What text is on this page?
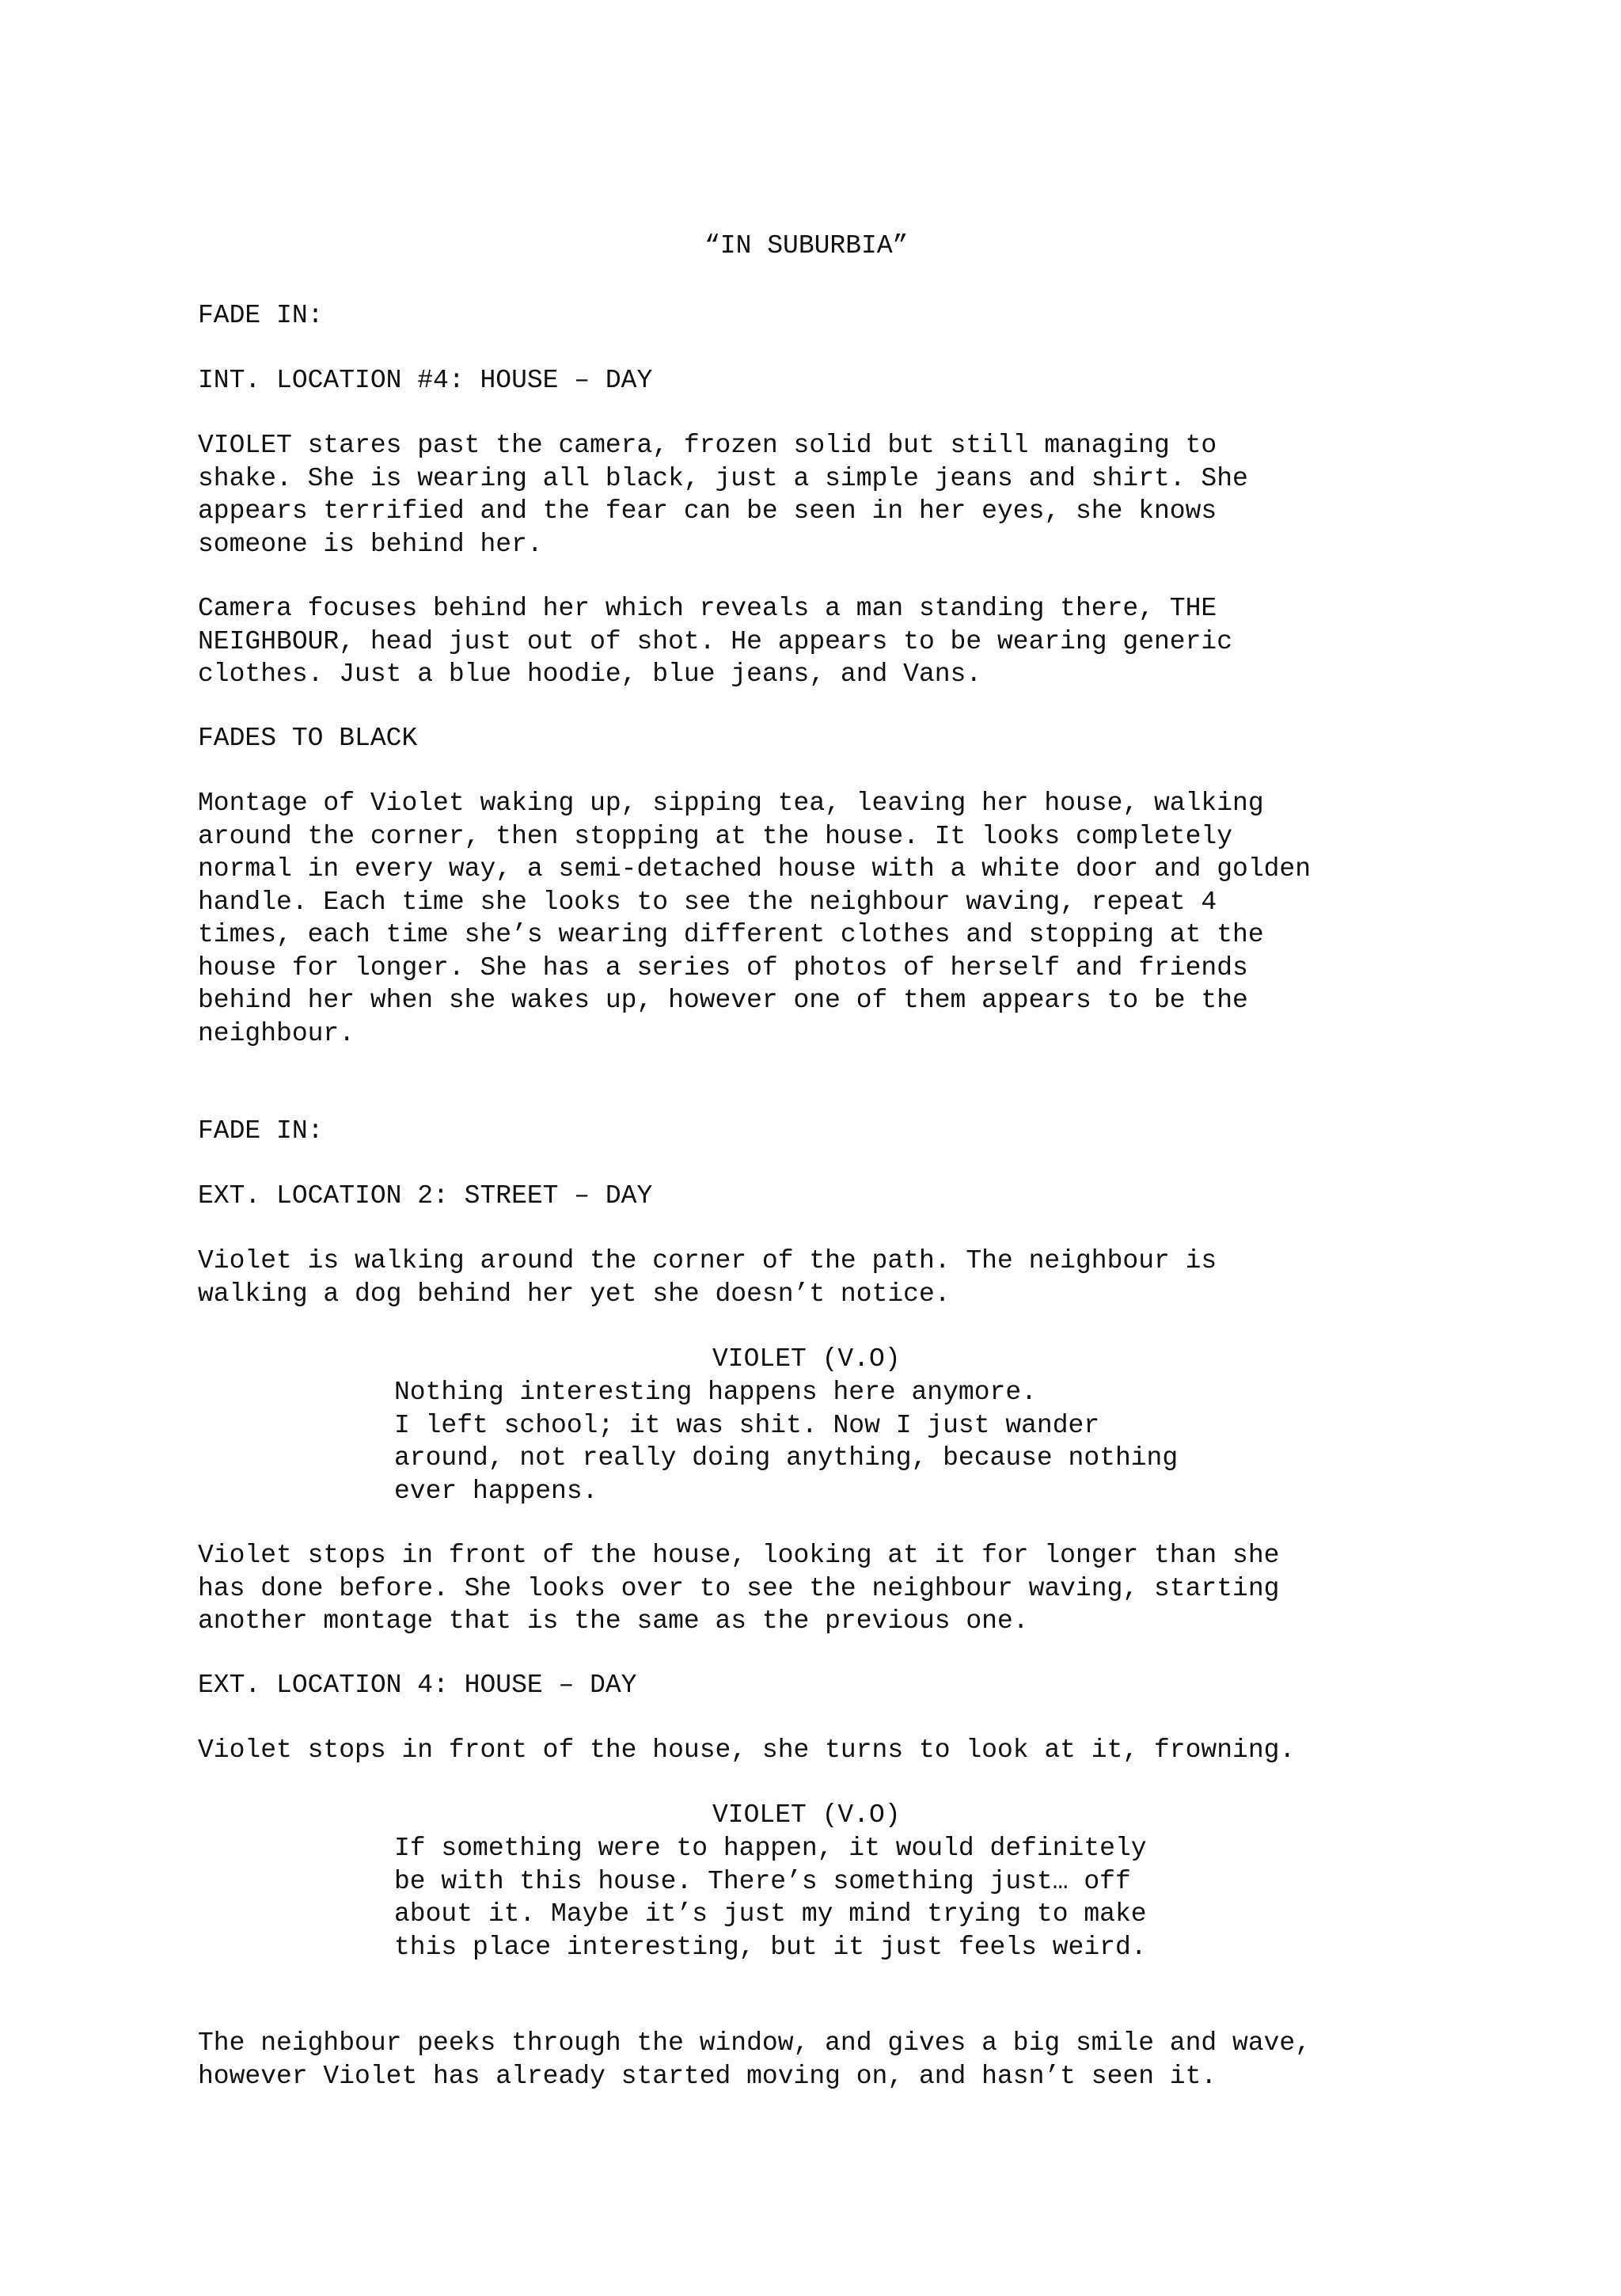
“IN SUBURBIA”
FADE IN:
INT. LOCATION #4: HOUSE – DAY
VIOLET stares past the camera, frozen solid but still managing to
shake. She is wearing all black, just a simple jeans and shirt. She
appears terrified and the fear can be seen in her eyes, she knows
someone is behind her.
Camera focuses behind her which reveals a man standing there, THE
NEIGHBOUR, head just out of shot. He appears to be wearing generic
clothes. Just a blue hoodie, blue jeans, and Vans.
FADES TO BLACK
Montage of Violet waking up, sipping tea, leaving her house, walking
around the corner, then stopping at the house. It looks completely
normal in every way, a semi-detached house with a white door and golden
handle. Each time she looks to see the neighbour waving, repeat 4
times, each time she’s wearing different clothes and stopping at the
house for longer. She has a series of photos of herself and friends
behind her when she wakes up, however one of them appears to be the
neighbour.
FADE IN:
EXT. LOCATION 2: STREET – DAY
Violet is walking around the corner of the path. The neighbour is
walking a dog behind her yet she doesn’t notice.
VIOLET (V.O)
Nothing interesting happens here anymore.
I left school; it was shit. Now I just wander
around, not really doing anything, because nothing
ever happens.
Violet stops in front of the house, looking at it for longer than she
has done before. She looks over to see the neighbour waving, starting
another montage that is the same as the previous one.
EXT. LOCATION 4: HOUSE – DAY
Violet stops in front of the house, she turns to look at it, frowning.
VIOLET (V.O)
If something were to happen, it would definitely
be with this house. There’s something just… off
about it. Maybe it’s just my mind trying to make
this place interesting, but it just feels weird.
The neighbour peeks through the window, and gives a big smile and wave,
however Violet has already started moving on, and hasn’t seen it.
